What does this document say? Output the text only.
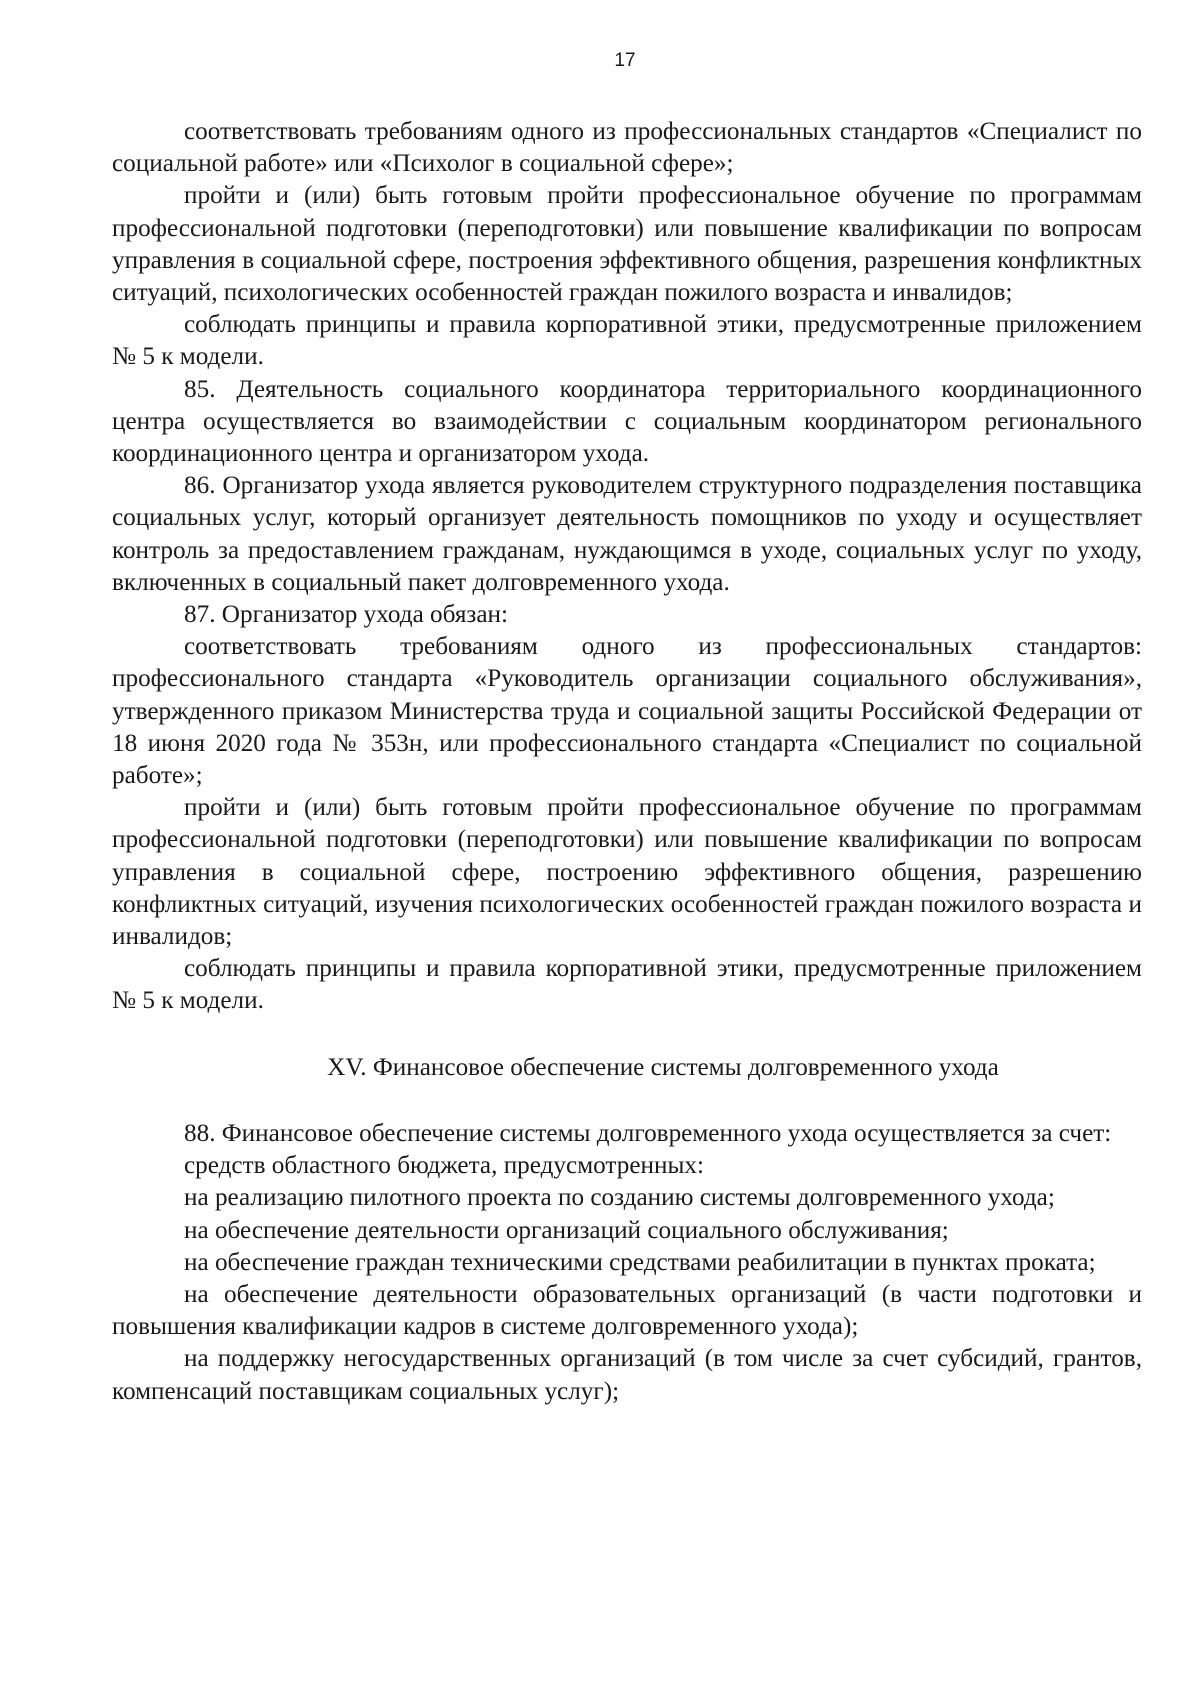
17

соответствовать требованиям одного из профессиональных стандартов «Специалист по социальной работе» или «Психолог в социальной сфере»;

пройти и (или) быть готовым пройти профессиональное обучение по программам профессиональной подготовки (переподготовки) или повышение квалификации по вопросам управления в социальной сфере, построения эффективного общения, разрешения конфликтных ситуаций, психологических особенностей граждан пожилого возраста и инвалидов;

соблюдать принципы и правила корпоративной этики, предусмотренные приложением № 5 к модели.

85. Деятельность социального координатора территориального координационного центра осуществляется во взаимодействии с социальным координатором регионального координационного центра и организатором ухода.

86. Организатор ухода является руководителем структурного подразделения поставщика социальных услуг, который организует деятельность помощников по уходу и осуществляет контроль за предоставлением гражданам, нуждающимся в уходе, социальных услуг по уходу, включенных в социальный пакет долговременного ухода.

87. Организатор ухода обязан:

соответствовать требованиям одного из профессиональных стандартов: профессионального стандарта «Руководитель организации социального обслуживания», утвержденного приказом Министерства труда и социальной защиты Российской Федерации от 18 июня 2020 года № 353н, или профессионального стандарта «Специалист по социальной работе»;

пройти и (или) быть готовым пройти профессиональное обучение по программам профессиональной подготовки (переподготовки) или повышение квалификации по вопросам управления в социальной сфере, построению эффективного общения, разрешению конфликтных ситуаций, изучения психологических особенностей граждан пожилого возраста и инвалидов;

соблюдать принципы и правила корпоративной этики, предусмотренные приложением № 5 к модели.

XV. Финансовое обеспечение системы долговременного ухода

88. Финансовое обеспечение системы долговременного ухода осуществляется за счет:

средств областного бюджета, предусмотренных:

на реализацию пилотного проекта по созданию системы долговременного ухода;

на обеспечение деятельности организаций социального обслуживания;

на обеспечение граждан техническими средствами реабилитации в пунктах проката;

на обеспечение деятельности образовательных организаций (в части подготовки и повышения квалификации кадров в системе долговременного ухода);

на поддержку негосударственных организаций (в том числе за счет субсидий, грантов, компенсаций поставщикам социальных услуг);
